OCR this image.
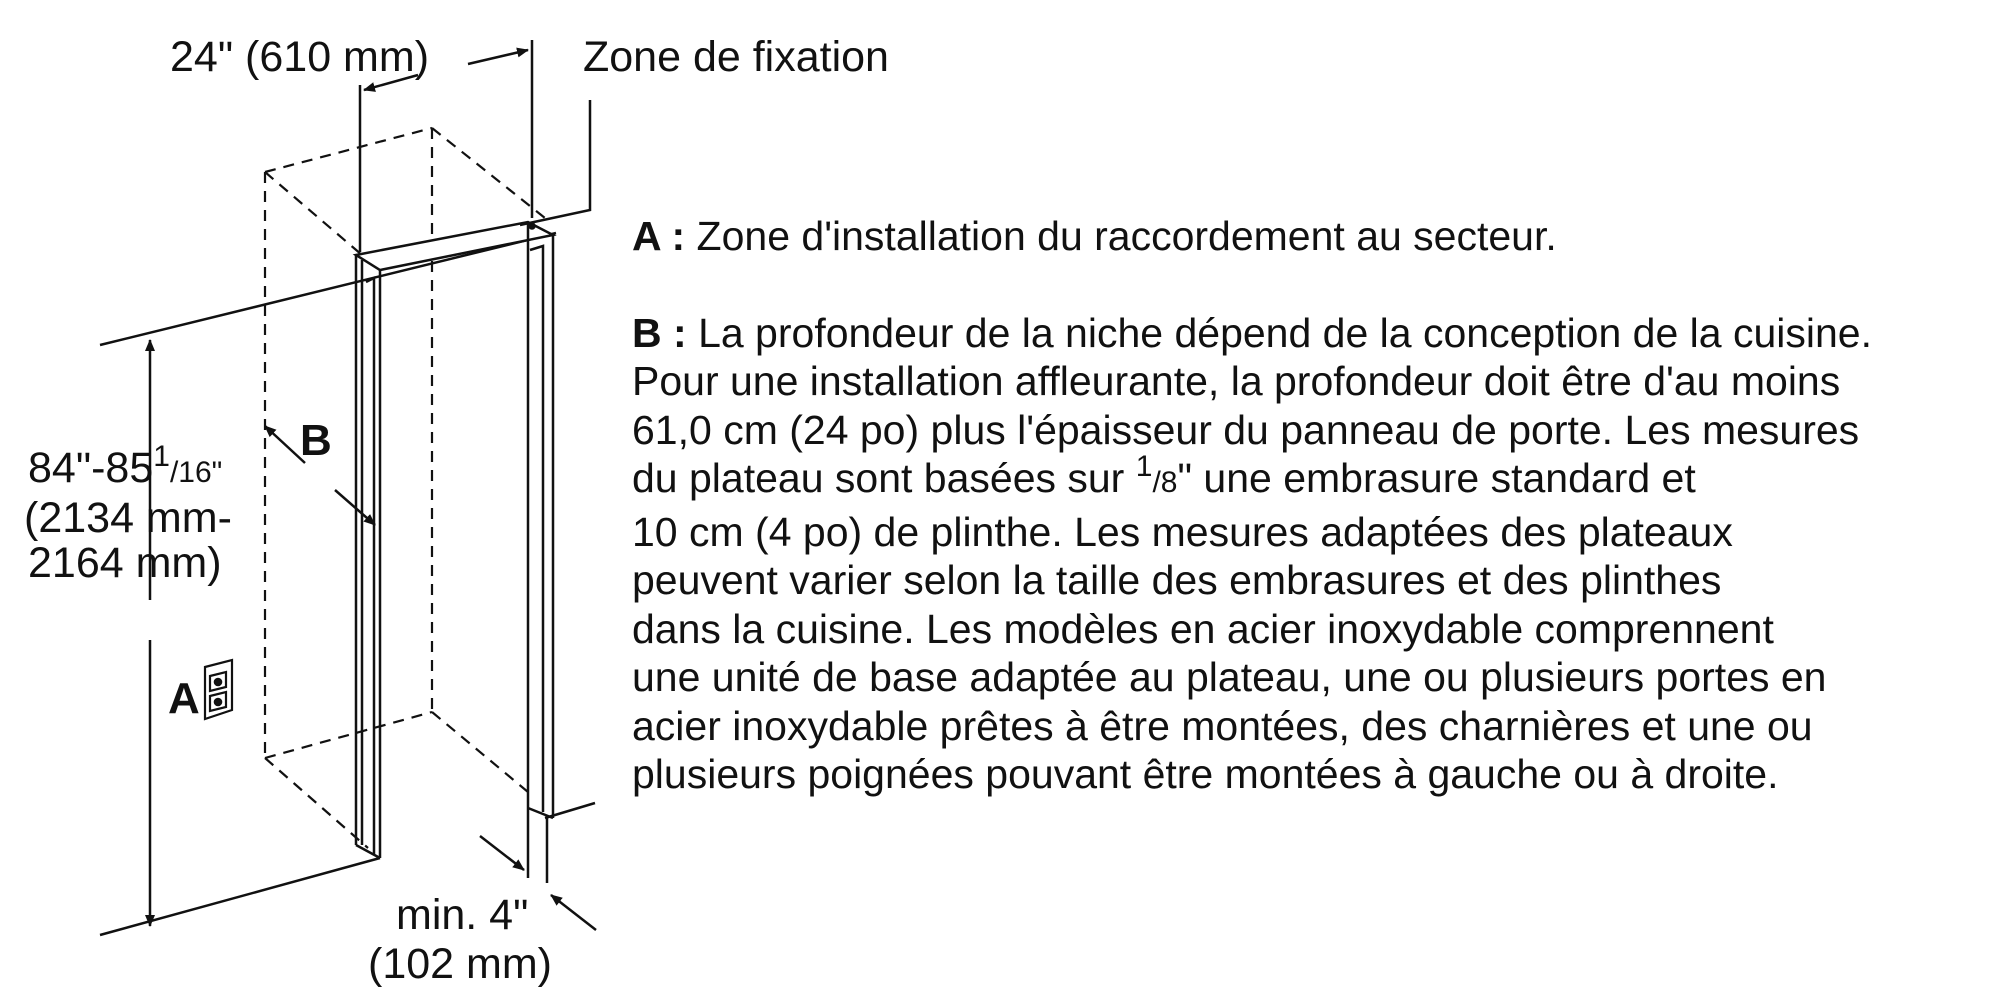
24" (610 mm)	Zone de fixation
$84"-85^1/16$"
(2134 mm-
2164 mm)
B
A
min. 4"
(102 mm)

A : Zone d'installation du raccordement au secteur.

B : La profondeur de la niche dépend de la conception de la cuisine.

Pour une installation affleurante, la profondeur doit être d'au moins

61,0 cm (24 po) plus l'épaisseur du panneau de porte. Les mesures

du plateau sont basées sur $^1$/8" une embrasure standard et

10 cm (4 po) de plinthe. Les mesures adaptées des plateaux

peuvent varier selon la taille des embrasures et des plinthes

dans la cuisine. Les modèles en acier inoxydable comprennent

une unité de base adaptée au plateau, une ou plusieurs portes en

acier inoxydable prêtes à être montées, des charnières et une ou

plusieurs poignées pouvant être montées à gauche ou à droite.
